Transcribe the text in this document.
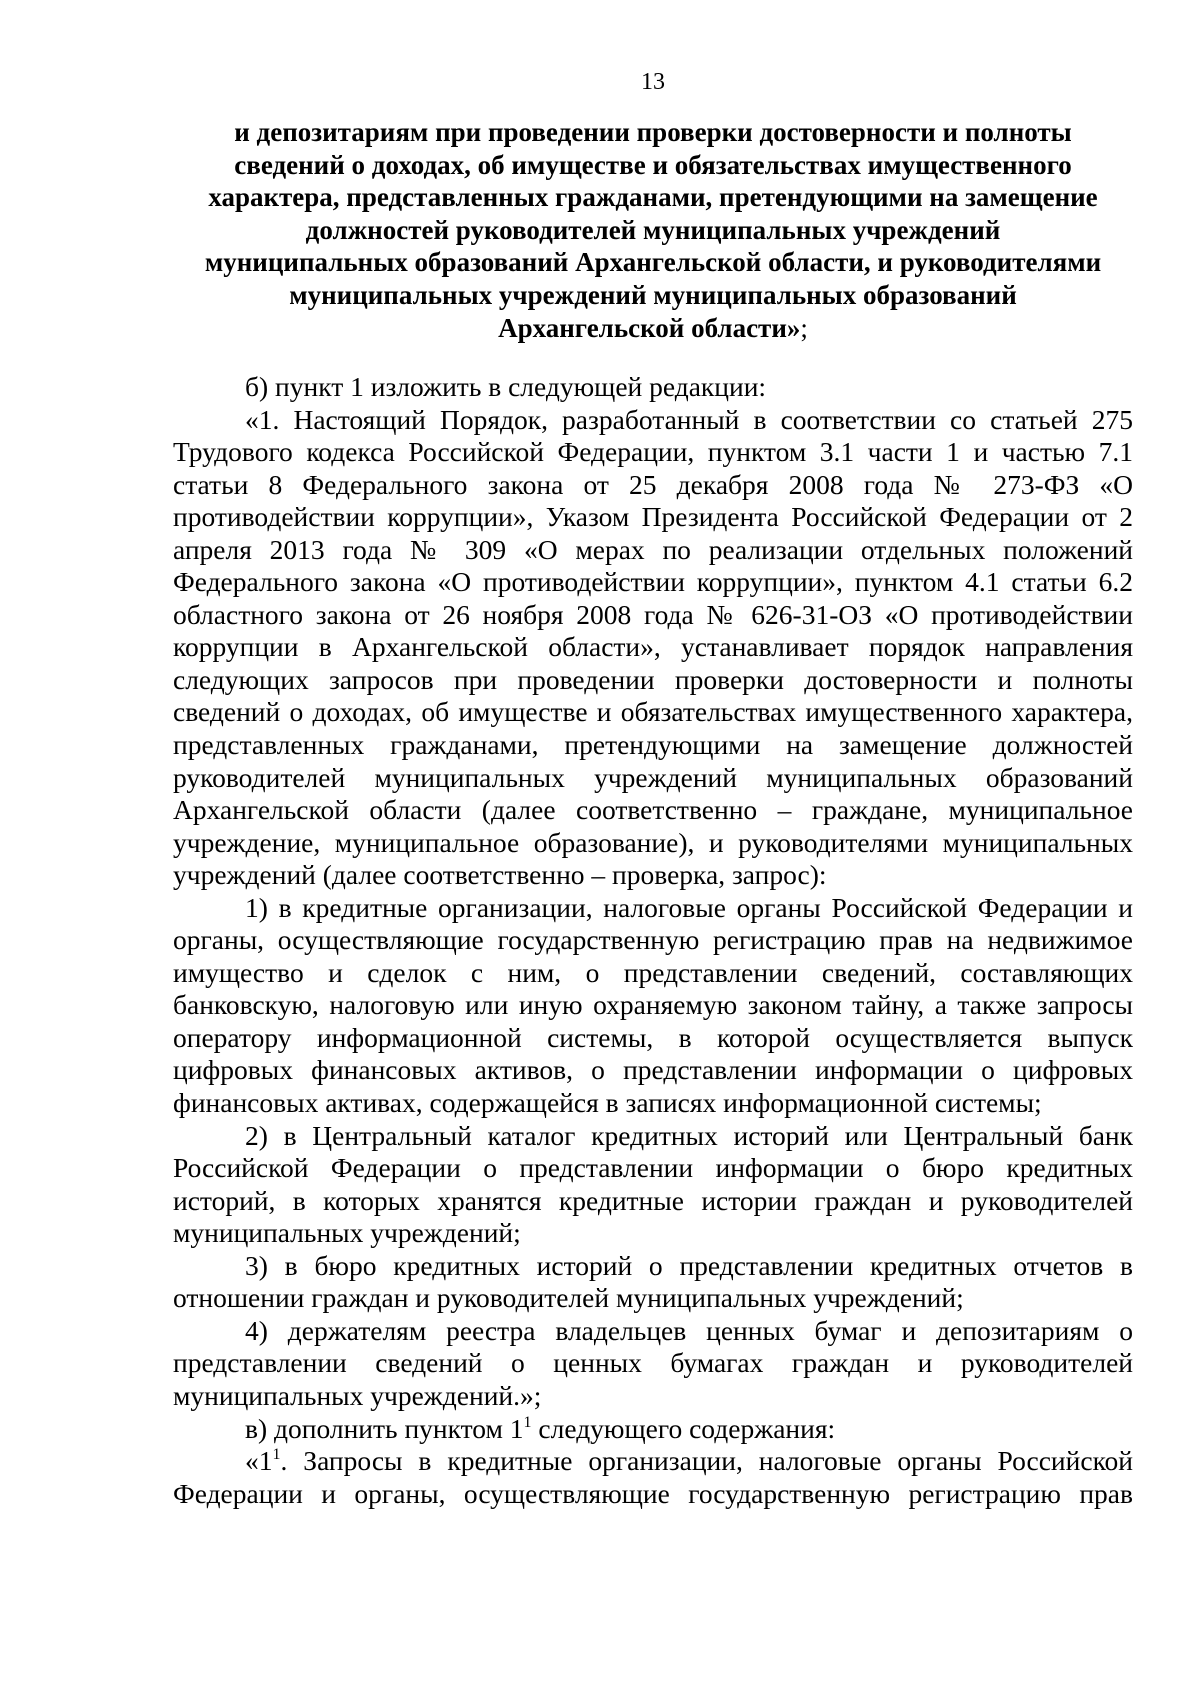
13
и депозитариям при проведении проверки достоверности и полноты
сведений о доходах, об имуществе и обязательствах имущественного
характера, представленных гражданами, претендующими на замещение
должностей руководителей муниципальных учреждений
муниципальных образований Архангельской области, и руководителями
муниципальных учреждений муниципальных образований
Архангельской области»;

б) пункт 1 изложить в следующей редакции:

«1. Настоящий Порядок, разработанный в соответствии со статьей 275 Трудового кодекса Российской Федерации, пунктом 3.1 части 1 и частью 7.1 статьи 8 Федерального закона от 25 декабря 2008 года № 273-ФЗ «О противодействии коррупции», Указом Президента Российской Федерации от 2 апреля 2013 года № 309 «О мерах по реализации отдельных положений Федерального закона «О противодействии коррупции», пунктом 4.1 статьи 6.2 областного закона от 26 ноября 2008 года № 626-31-ОЗ «О противодействии коррупции в Архангельской области», устанавливает порядок направления следующих запросов при проведении проверки достоверности и полноты сведений о доходах, об имуществе и обязательствах имущественного характера, представленных гражданами, претендующими на замещение должностей руководителей муниципальных учреждений муниципальных образований Архангельской области (далее соответственно – граждане, муниципальное учреждение, муниципальное образование), и руководителями муниципальных учреждений (далее соответственно – проверка, запрос):

1) в кредитные организации, налоговые органы Российской Федерации и органы, осуществляющие государственную регистрацию прав на недвижимое имущество и сделок с ним, о представлении сведений, составляющих банковскую, налоговую или иную охраняемую законом тайну, а также запросы оператору информационной системы, в которой осуществляется выпуск цифровых финансовых активов, о представлении информации о цифровых финансовых активах, содержащейся в записях информационной системы;

2) в Центральный каталог кредитных историй или Центральный банк Российской Федерации о представлении информации о бюро кредитных историй, в которых хранятся кредитные истории граждан и руководителей муниципальных учреждений;

3) в бюро кредитных историй о представлении кредитных отчетов в отношении граждан и руководителей муниципальных учреждений;

4) держателям реестра владельцев ценных бумаг и депозитариям о представлении сведений о ценных бумагах граждан и руководителей муниципальных учреждений.»;

в) дополнить пунктом $1^1$ следующего содержания:

«$1^1$. Запросы в кредитные организации, налоговые органы Российской Федерации и органы, осуществляющие государственную регистрацию прав
